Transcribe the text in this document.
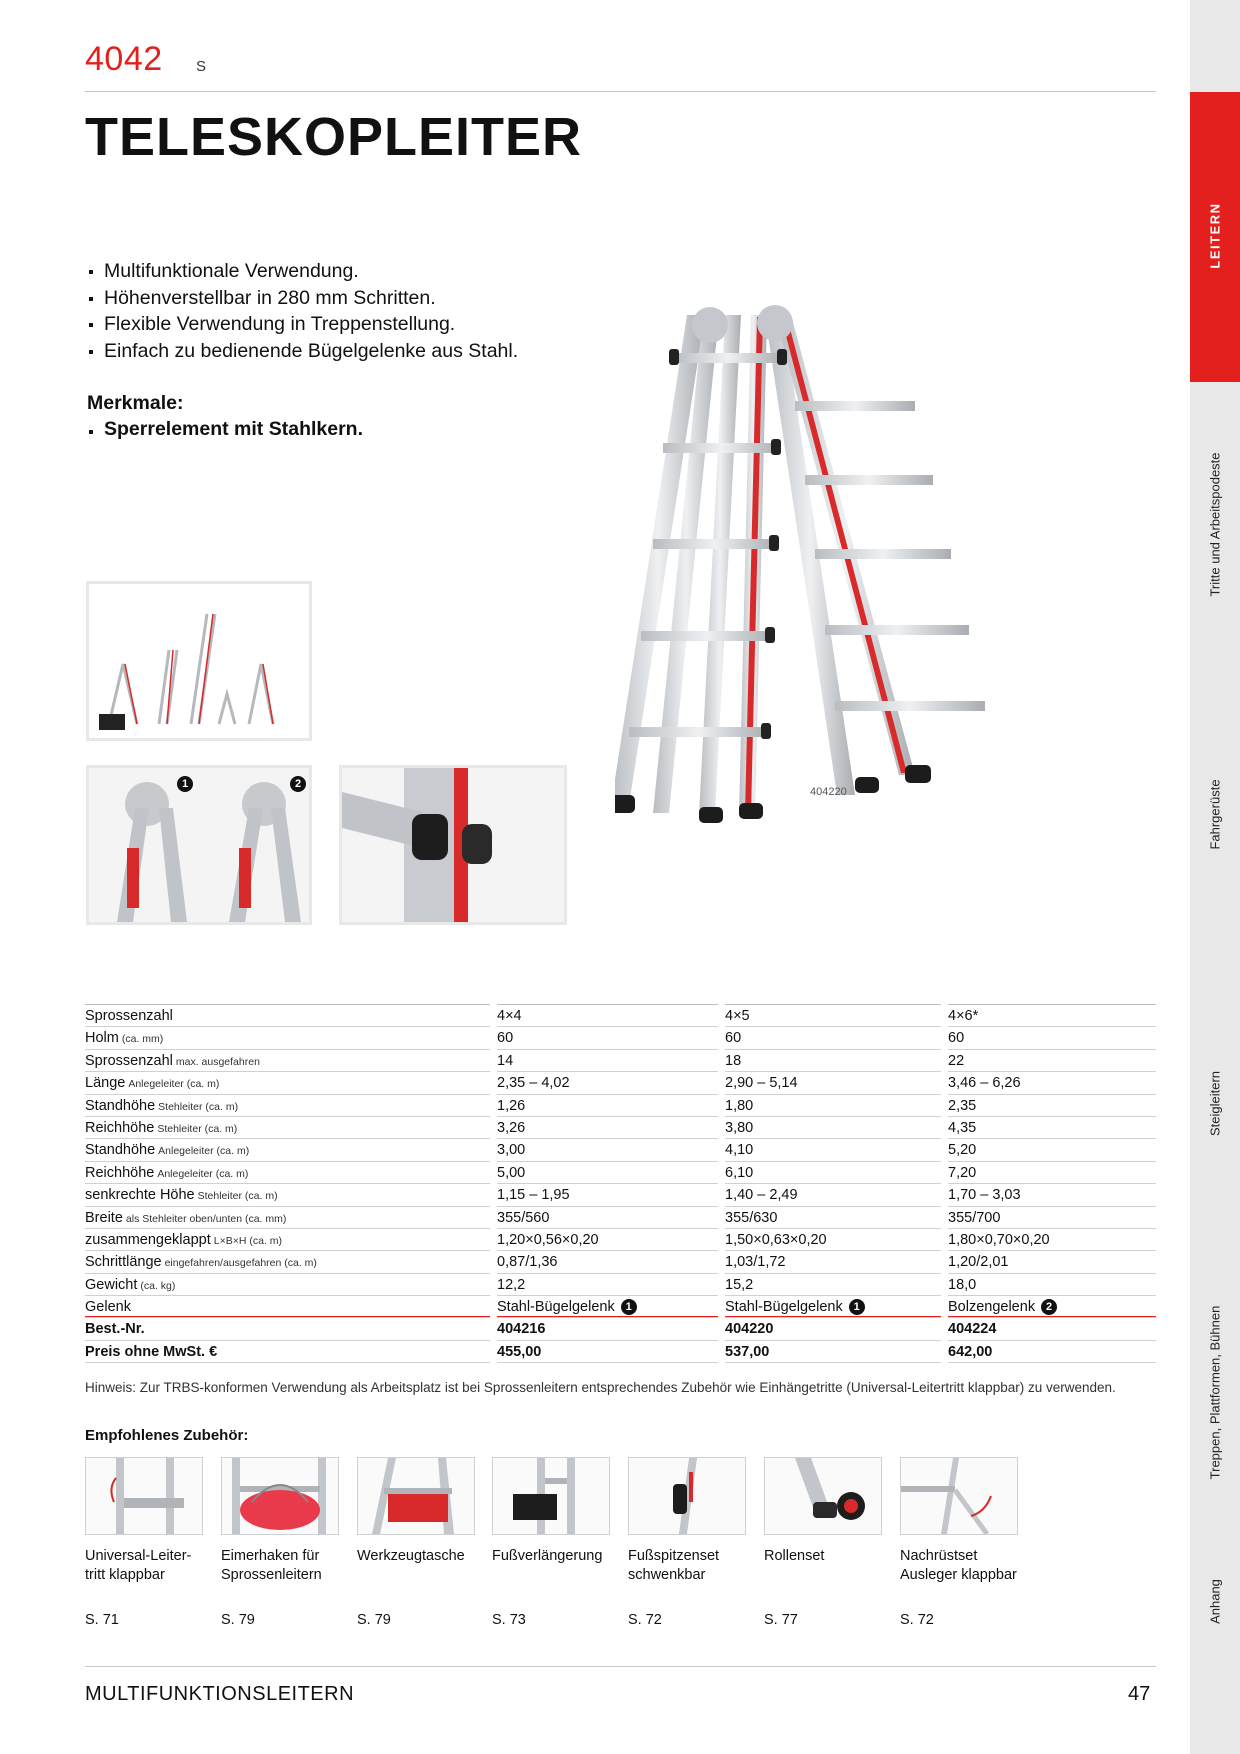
4042 S
TELESKOPLEITER
Multifunktionale Verwendung.
Höhenverstellbar in 280 mm Schritten.
Flexible Verwendung in Treppenstellung.
Einfach zu bedienende Bügelgelenke aus Stahl.
Merkmale:
Sperrelement mit Stahlkern.
404220
1	2
LEITERN
Tritte und Arbeitspodeste
Fahrgerüste
Steigleitern
Treppen, Plattformen, Bühnen
Anhang
Sprossenzahl	4×4	4×5	4×6*
Holm (ca. mm)	60	60	60
Sprossenzahl max. ausgefahren	14	18	22
Länge Anlegeleiter (ca. m)	2,35 – 4,02	2,90 – 5,14	3,46 – 6,26
Standhöhe Stehleiter (ca. m)	1,26	1,80	2,35
Reichhöhe Stehleiter (ca. m)	3,26	3,80	4,35
Standhöhe Anlegeleiter (ca. m)	3,00	4,10	5,20
Reichhöhe Anlegeleiter (ca. m)	5,00	6,10	7,20
senkrechte Höhe Stehleiter (ca. m)	1,15 – 1,95	1,40 – 2,49	1,70 – 3,03
Breite als Stehleiter oben/unten (ca. mm)	355/560	355/630	355/700
zusammengeklappt L×B×H (ca. m)	1,20×0,56×0,20	1,50×0,63×0,20	1,80×0,70×0,20
Schrittlänge eingefahren/ausgefahren (ca. m)	0,87/1,36	1,03/1,72	1,20/2,01
Gewicht (ca. kg)	12,2	15,2	18,0
Gelenk	Stahl-Bügelgelenk 1	Stahl-Bügelgelenk 1	Bolzengelenk 2
Best.-Nr.	404216	404220	404224
Preis ohne MwSt. €	455,00	537,00	642,00
Hinweis: Zur TRBS-konformen Verwendung als Arbeitsplatz ist bei Sprossenleitern entsprechendes Zubehör wie Einhängetritte (Universal-Leitertritt klappbar) zu verwenden.
Empfohlenes Zubehör:
Universal-Leiter-
tritt klappbar
S. 71
Eimerhaken für
Sprossenleitern
S. 79
Werkzeugtasche
S. 79
Fußverlängerung
S. 73
Fußspitzenset
schwenkbar
S. 72
Rollenset
S. 77
Nachrüstset
Ausleger klappbar
S. 72
MULTIFUNKTIONSLEITERN	47
